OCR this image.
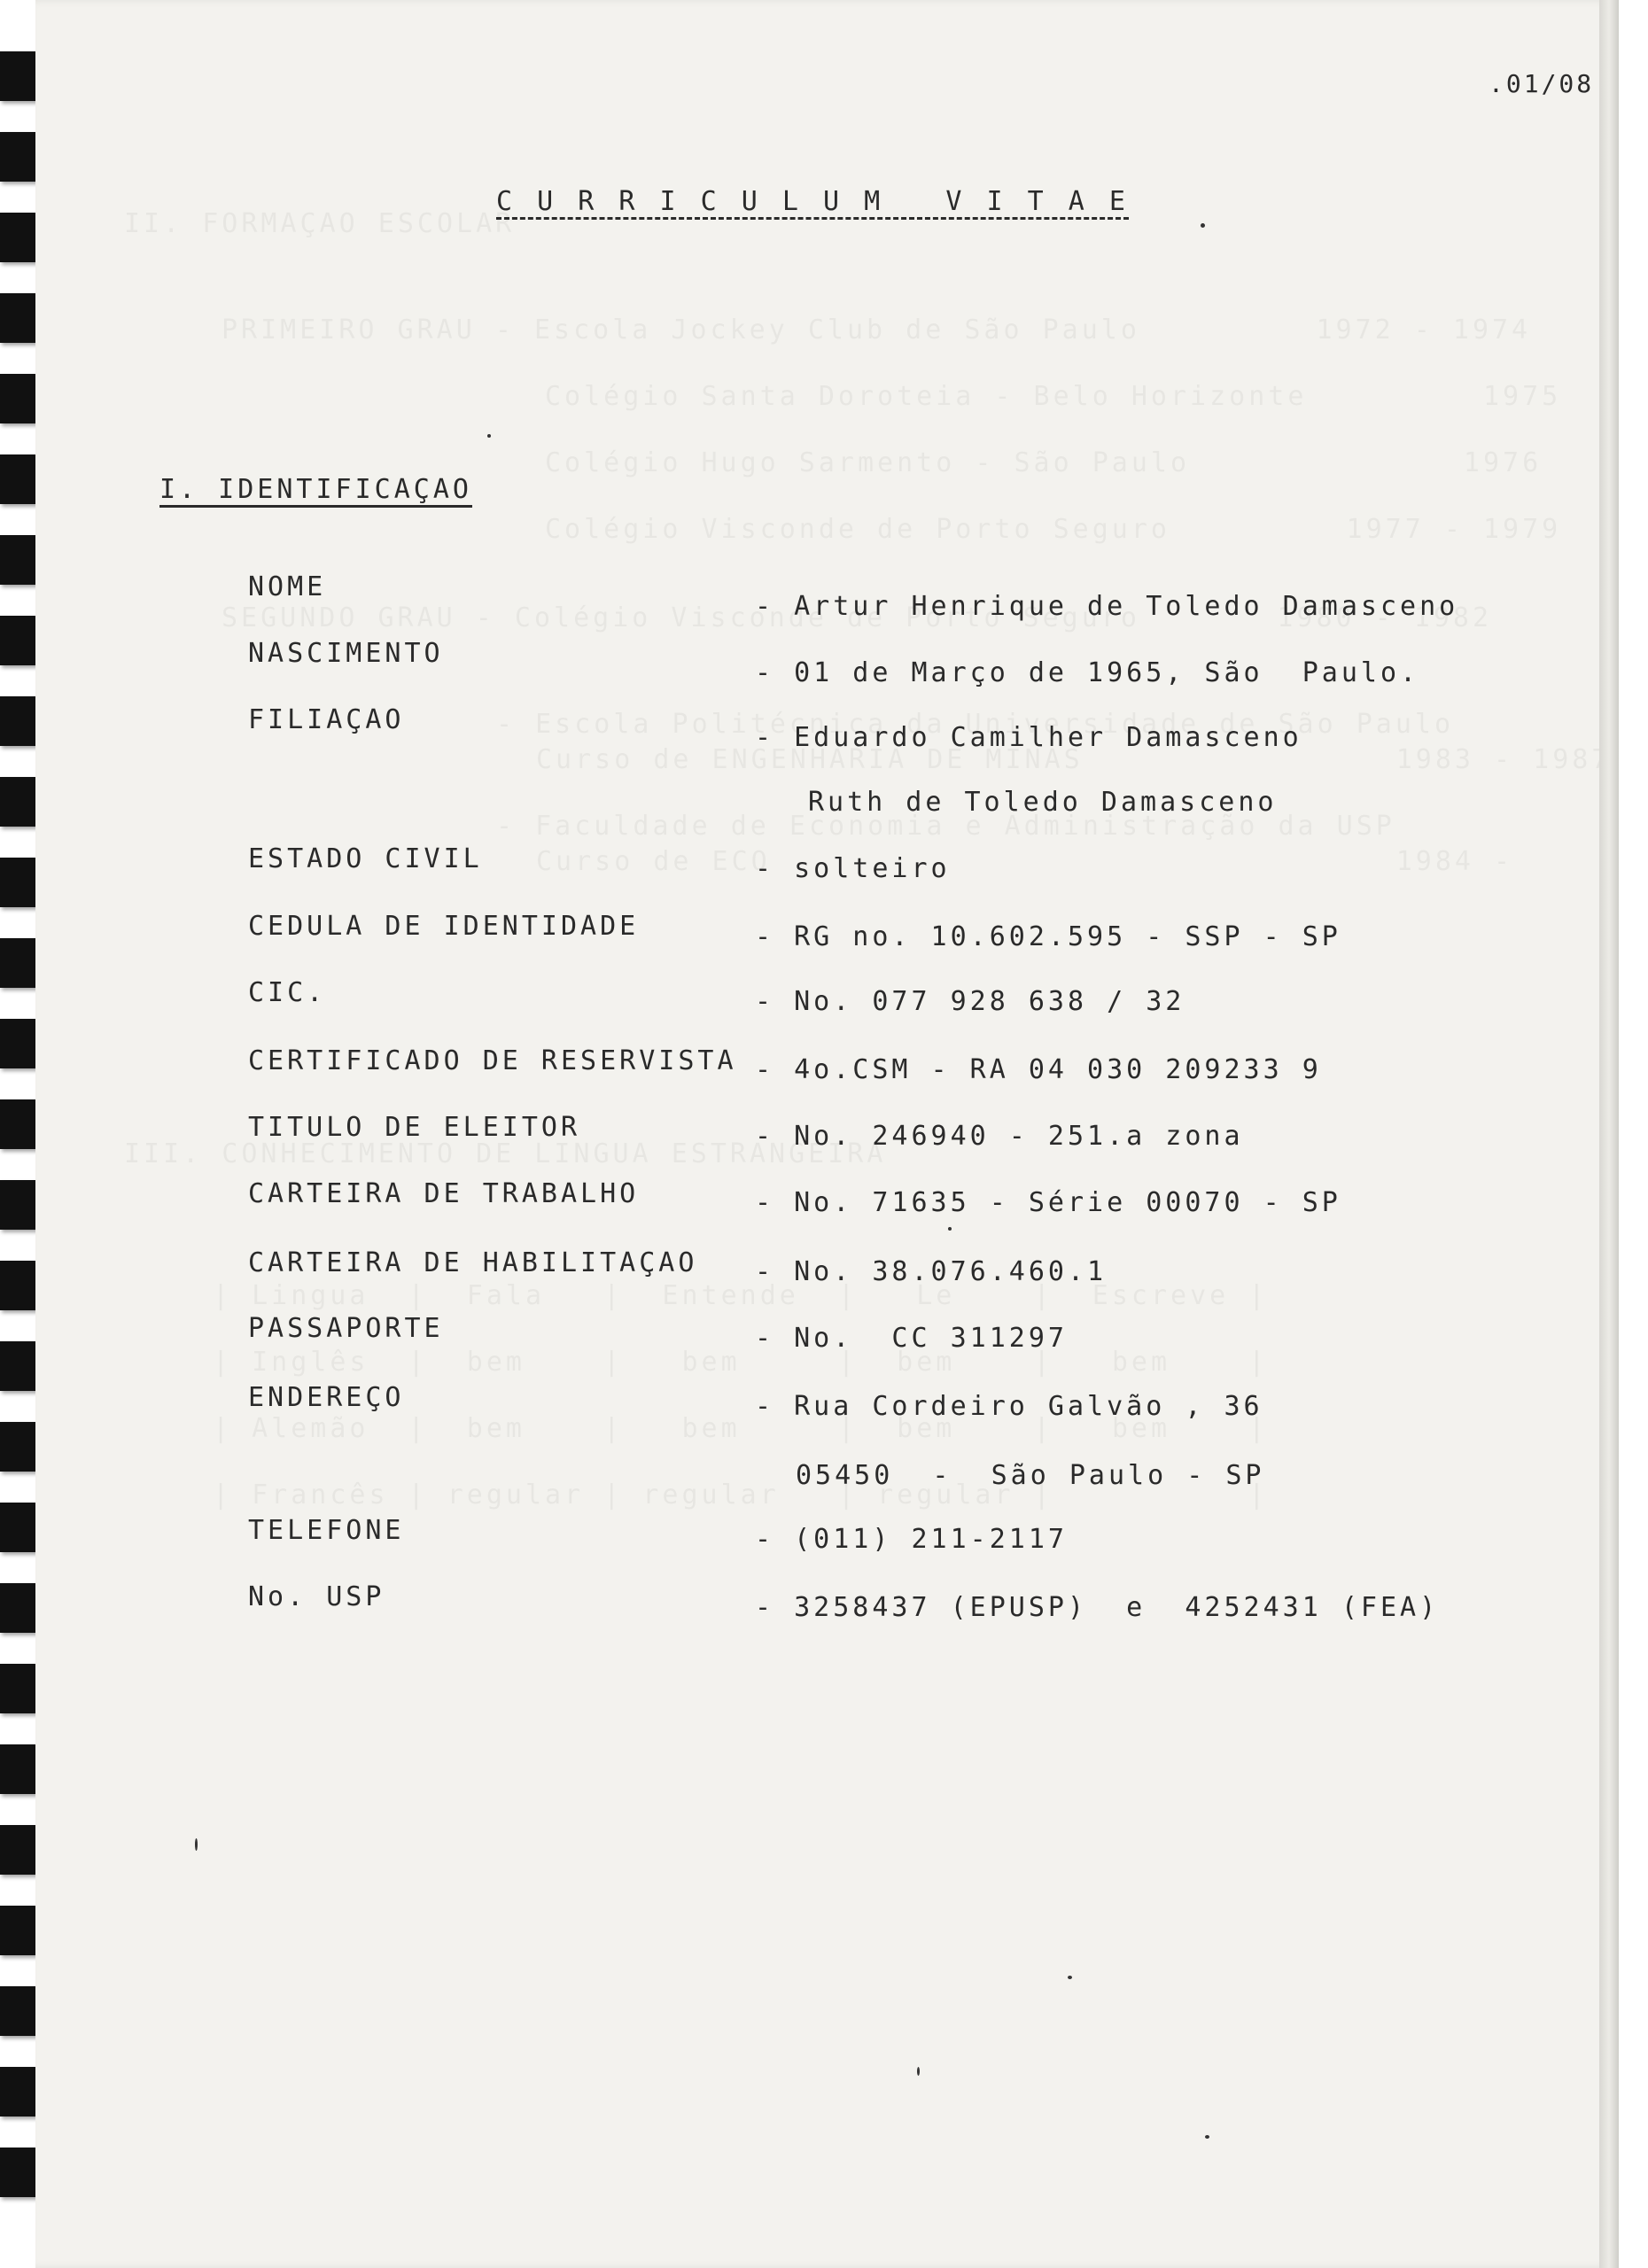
.01/08
C U R R I C U L U M   V I T A E
I. IDENTIFICAÇAO
NOME
- Artur Henrique de Toledo Damasceno
NASCIMENTO
- 01 de Março de 1965, São  Paulo.
FILIAÇAO
- Eduardo Camilher Damasceno
Ruth de Toledo Damasceno
ESTADO CIVIL	- solteiro
CEDULA DE IDENTIDADE	- RG no. 10.602.595 - SSP - SP
CIC.	- No. 077 928 638 / 32
CERTIFICADO DE RESERVISTA - 4o.CSM - RA 04 030 209233 9
TITULO DE ELEITOR	- No. 246940 - 251.a zona
CARTEIRA DE TRABALHO	- No. 71635 - Série 00070 - SP
CARTEIRA DE HABILITAÇAO - No. 38.076.460.1
PASSAPORTE	- No.  CC 311297
ENDEREÇO	- Rua Cordeiro Galvão , 36
05450  -  São Paulo - SP
TELEFONE	- (011) 211-2117
No. USP	- 3258437 (EPUSP)  e  4252431 (FEA)
